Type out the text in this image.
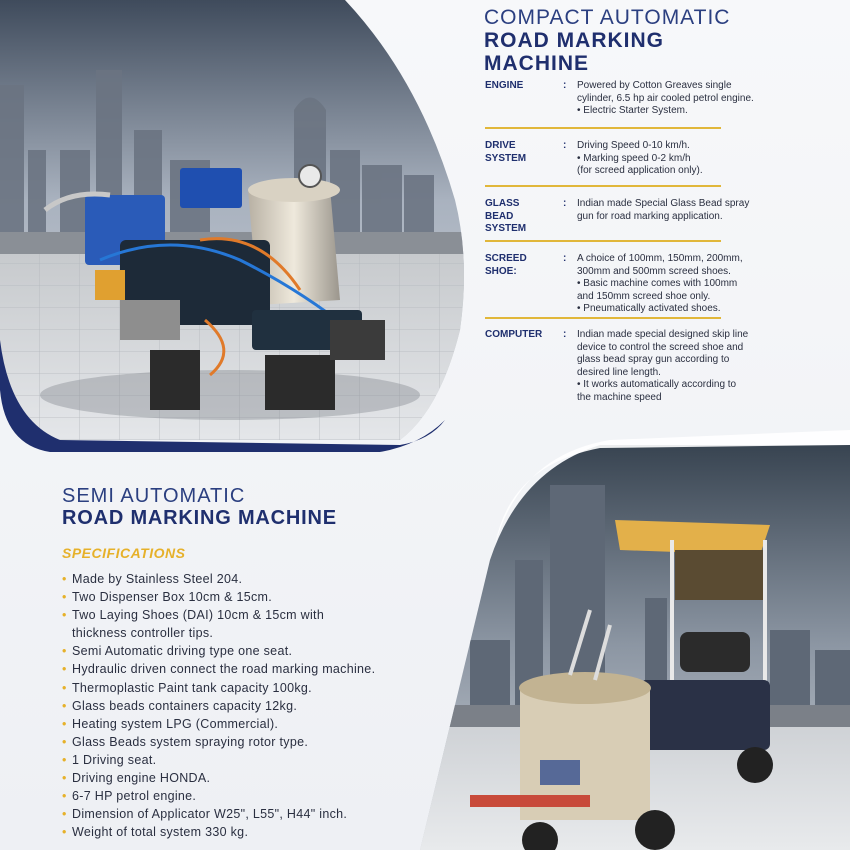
COMPACT AUTOMATIC
ROAD MARKING
MACHINE
ENGINE	:	Powered by Cotton Greaves single
cylinder, 6.5 hp air cooled petrol engine.
• Electric Starter System.
DRIVE
SYSTEM
:	Driving Speed 0-10 km/h.
• Marking speed 0-2 km/h
(for screed application only).
GLASS
BEAD
SYSTEM
:	Indian made Special Glass Bead spray
gun for road marking application.
SCREED
SHOE:
:	A choice of 100mm, 150mm, 200mm,
300mm and 500mm screed shoes.
• Basic machine comes with 100mm
and 150mm screed shoe only.
• Pneumatically activated shoes.
COMPUTER	:	Indian made special designed skip line
device to control the screed shoe and
glass bead spray gun according to
desired line length.
• It works automatically according to
the machine speed
SEMI AUTOMATIC
ROAD MARKING MACHINE
SPECIFICATIONS
• Made by Stainless Steel 204.
• Two Dispenser Box 10cm & 15cm.
• Two Laying Shoes (DAI) 10cm & 15cm with
thickness controller tips.
• Semi Automatic driving type one seat.
• Hydraulic driven connect the road marking machine.
• Thermoplastic Paint tank capacity 100kg.
• Glass beads containers capacity 12kg.
• Heating system LPG (Commercial).
• Glass Beads system spraying rotor type.
• 1 Driving seat.
• Driving engine HONDA.
• 6-7 HP petrol engine.
• Dimension of Applicator W25", L55", H44" inch.
• Weight of total system 330 kg.
